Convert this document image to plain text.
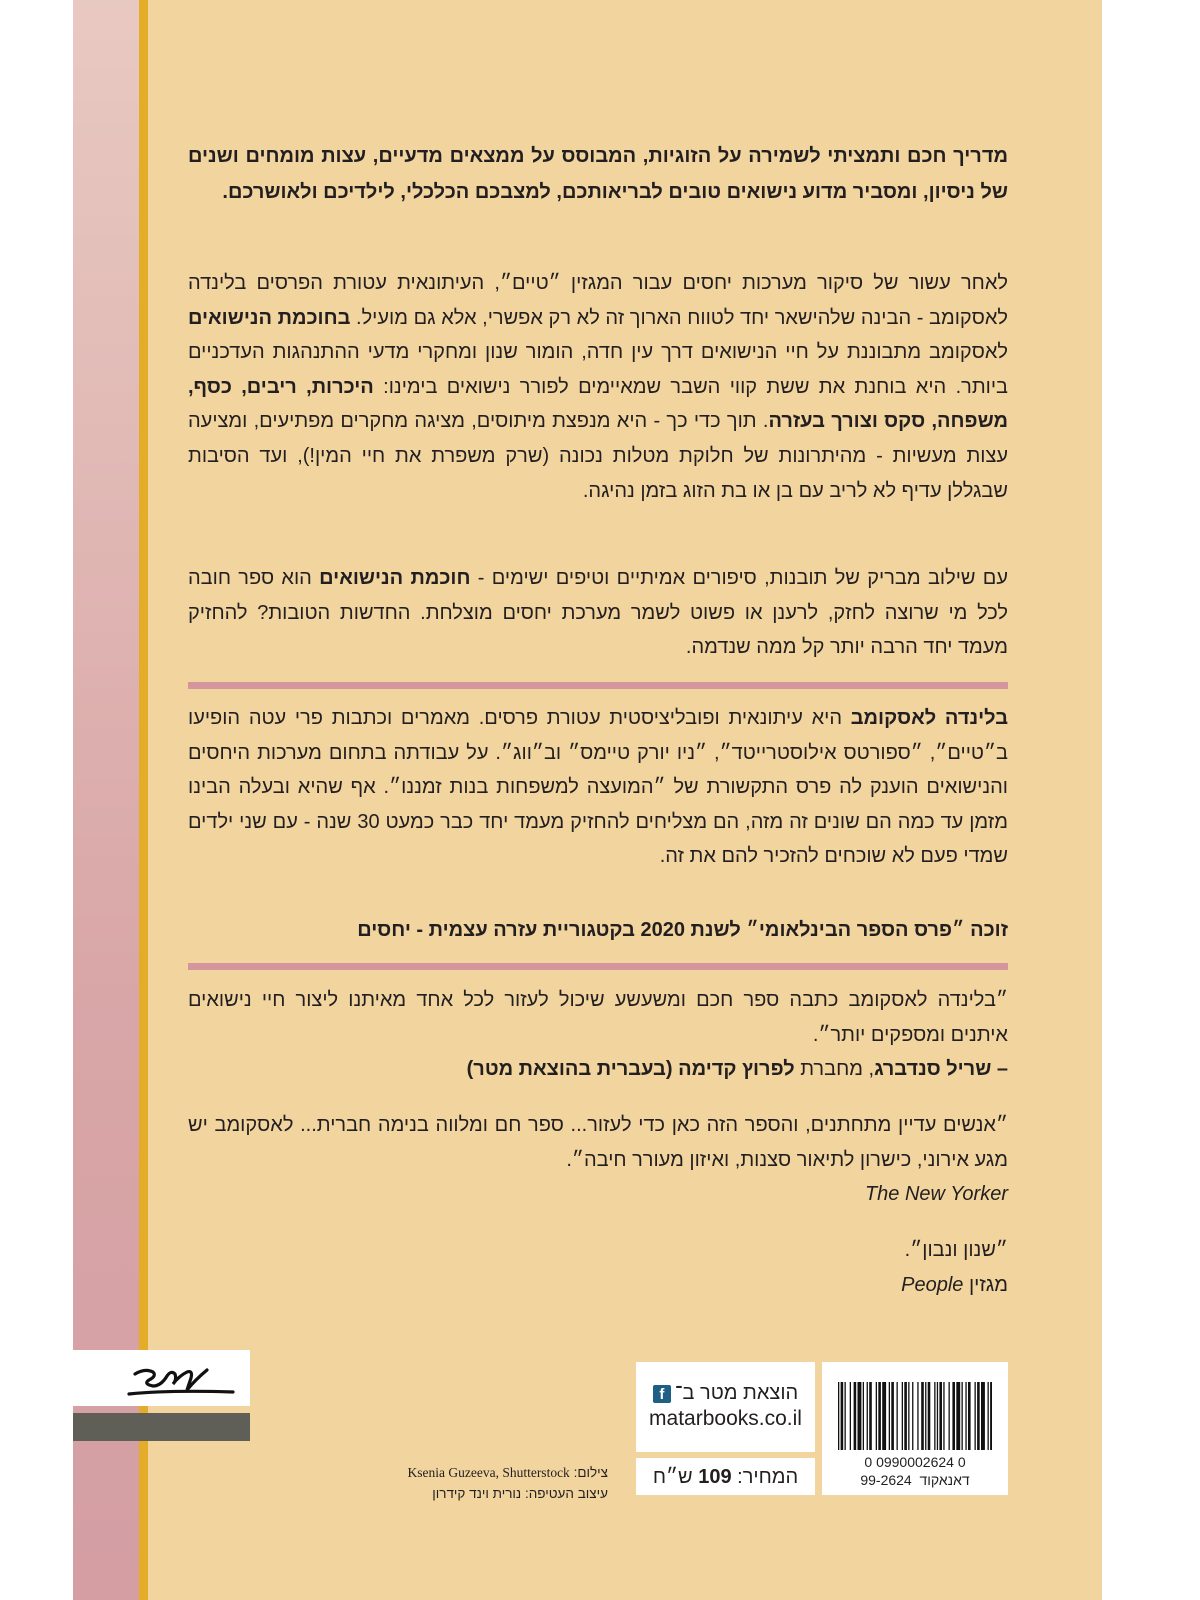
מדריך חכם ותמציתי לשמירה על הזוגיות, המבוסס על ממצאים מדעיים, עצות מומחים ושנים של ניסיון, ומסביר מדוע נישואים טובים לבריאותכם, למצבכם הכלכלי, לילדיכם ולאושרכם.

לאחר עשור של סיקור מערכות יחסים עבור המגזין ״טיים״, העיתונאית עטורת הפרסים בלינדה לאסקומב - הבינה שלהישאר יחד לטווח הארוך זה לא רק אפשרי, אלא גם מועיל. בחוכמת הנישואים לאסקומב מתבוננת על חיי הנישואים דרך עין חדה, הומור שנון ומחקרי מדעי ההתנהגות העדכניים ביותר. היא בוחנת את ששת קווי השבר שמאיימים לפורר נישואים בימינו: היכרות, ריבים, כסף, משפחה, סקס וצורך בעזרה. תוך כדי כך - היא מנפצת מיתוסים, מציגה מחקרים מפתיעים, ומציעה עצות מעשיות - מהיתרונות של חלוקת מטלות נכונה (שרק משפרת את חיי המין!), ועד הסיבות שבגללן עדיף לא לריב עם בן או בת הזוג בזמן נהיגה.

עם שילוב מבריק של תובנות, סיפורים אמיתיים וטיפים ישימים - חוכמת הנישואים הוא ספר חובה לכל מי שרוצה לחזק, לרענן או פשוט לשמר מערכת יחסים מוצלחת. החדשות הטובות? להחזיק מעמד יחד הרבה יותר קל ממה שנדמה.

בלינדה לאסקומב היא עיתונאית ופובליציסטית עטורת פרסים. מאמרים וכתבות פרי עטה הופיעו ב״טיים״, ״ספורטס אילוסטרייטד״, ״ניו יורק טיימס״ וב״ווג״. על עבודתה בתחום מערכות היחסים והנישואים הוענק לה פרס התקשורת של ״המועצה למשפחות בנות זמננו״. אף שהיא ובעלה הבינו מזמן עד כמה הם שונים זה מזה, הם מצליחים להחזיק מעמד יחד כבר כמעט 30 שנה - עם שני ילדים שמדי פעם לא שוכחים להזכיר להם את זה.

זוכה ״פרס הספר הבינלאומי״ לשנת 2020 בקטגוריית עזרה עצמית - יחסים
״בלינדה לאסקומב כתבה ספר חכם ומשעשע שיכול לעזור לכל אחד מאיתנו ליצור חיי נישואים איתנים ומספקים יותר״.
– שריל סנדברג, מחברת לפרוץ קדימה (בעברית בהוצאת מטר)
״אנשים עדיין מתחתנים, והספר הזה כאן כדי לעזור... ספר חם ומלווה בנימה חברית... לאסקומב יש מגע אירוני, כישרון לתיאור סצנות, ואיזון מעורר חיבה״.
The New Yorker
״שנון ונבון״.
מגזין People
צילום: Ksenia Guzeeva, Shutterstock
עיצוב העטיפה: נורית וינד קידרון
הוצאת מטר ב־
f
matarbooks.co.il
המחיר: 109 ש״ח
0 0990002624 0
דאנאקוד  99-2624
